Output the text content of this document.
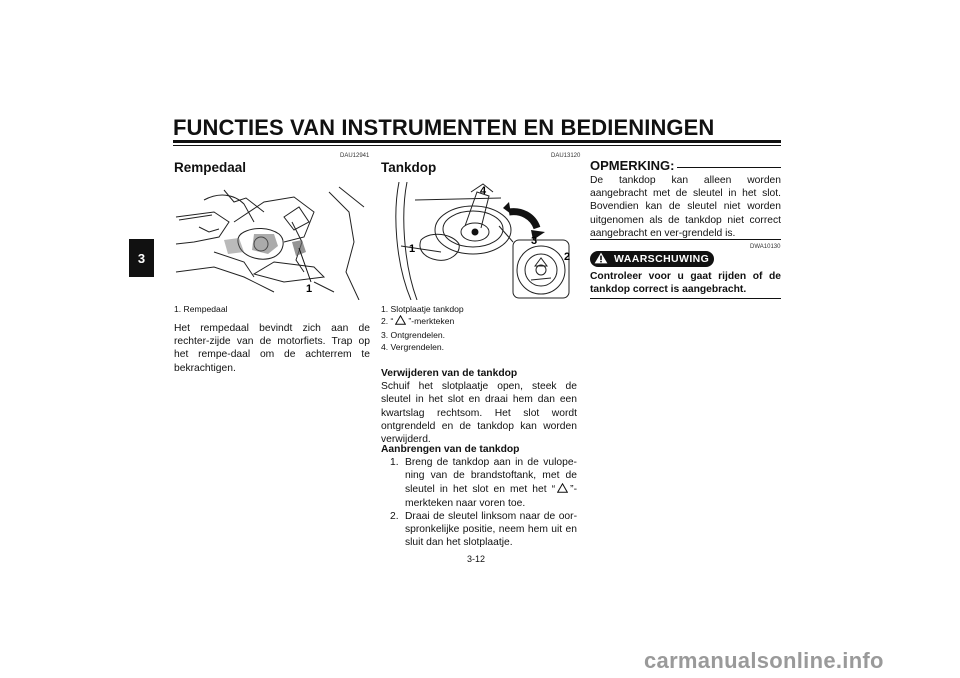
FUNCTIES VAN INSTRUMENTEN EN BEDIENINGEN
3
DAU12941
Rempedaal
1
1. Rempedaal
Het rempedaal bevindt zich aan de rechter-zijde van de motorfiets. Trap op het rempe-daal om de achterrem te bekrachtigen.
DAU13120
Tankdop
1
2
3
4
1. Slotplaatje tankdop
2. “ ”-merkteken
3. Ontgrendelen.
4. Vergrendelen.
Verwijderen van de tankdop
Schuif het slotplaatje open, steek de sleutel in het slot en draai hem dan een kwartslag rechtsom. Het slot wordt ontgrendeld en de tankdop kan worden verwijderd.
Aanbrengen van de tankdop
1. Breng de tankdop aan in de vulope-ning van de brandstoftank, met de sleutel in het slot en met het “ ”-merkteken naar voren toe.
2. Draai de sleutel linksom naar de oor-spronkelijke positie, neem hem uit en sluit dan het slotplaatje.
OPMERKING:
De tankdop kan alleen worden aangebracht met de sleutel in het slot. Bovendien kan de sleutel niet worden uitgenomen als de tankdop niet correct aangebracht en ver-grendeld is.
DWA10130
WAARSCHUWING
Controleer voor u gaat rijden of de tankdop correct is aangebracht.
3-12
carmanualsonline.info
